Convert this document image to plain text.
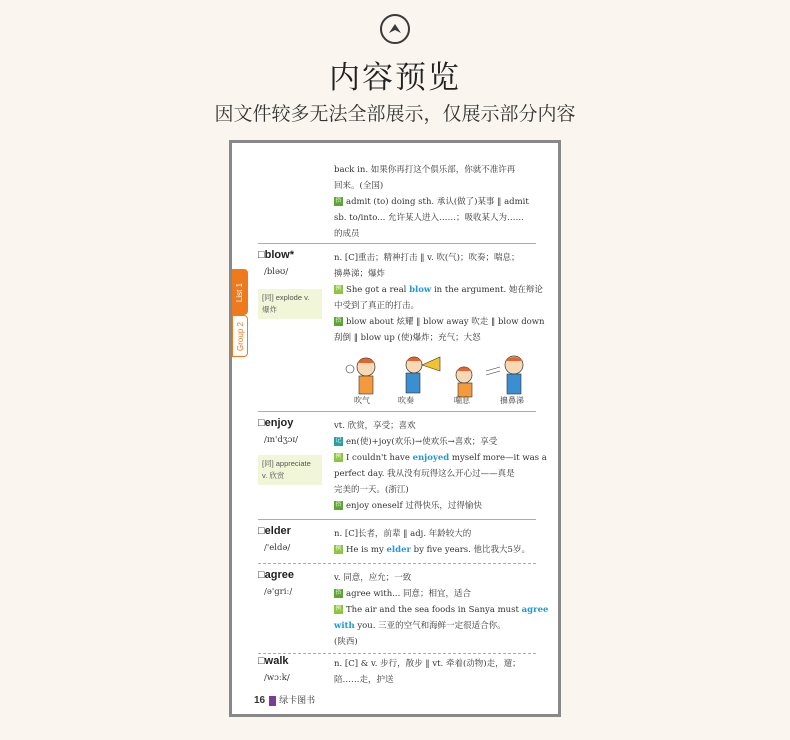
内容预览
因文件较多无法全部展示，仅展示部分内容
List 1
Group 2
back in. 如果你再打这个俱乐部，你就不准许再
回来。(全国)
搭 admit (to) doing sth. 承认(做了)某事 ‖ admit
sb. to/into... 允许某人进入……；吸收某人为……
的成员
□blow*
/bləʊ/
[同] explode v. 爆炸
n. [C]重击；精神打击 ‖ v. 吹(气)；吹奏；喘息；
擤鼻涕；爆炸
例 She got a real blow in the argument. 她在辩论
中受到了真正的打击。
搭 blow about 炫耀 ‖ blow away 吹走 ‖ blow down
刮倒 ‖ blow up (使)爆炸；充气；大怒
吹气	吹奏	喘息	擤鼻涕
□enjoy
/ɪn'dʒɔɪ/
[同] appreciate v. 欣赏
vt. 欣赏，享受；喜欢
记 en(使)+joy(欢乐)→使欢乐→喜欢；享受
例 I couldn't have enjoyed myself more—it was a
perfect day. 我从没有玩得这么开心过——真是
完美的一天。(浙江)
搭 enjoy oneself 过得快乐，过得愉快
□elder
/'eldə/
n. [C]长者，前辈 ‖ adj. 年龄较大的
例 He is my elder by five years. 他比我大5岁。
□agree
/ə'griː/
v. 同意，应允；一致
搭 agree with... 同意；相宜，适合
例 The air and the sea foods in Sanya must agree
with you. 三亚的空气和海鲜一定很适合你。
(陕西)
□walk
/wɔːk/
n. [C] & v. 步行，散步 ‖ vt. 牵着(动物)走，遛；
陪……走，护送
16 绿卡图书
